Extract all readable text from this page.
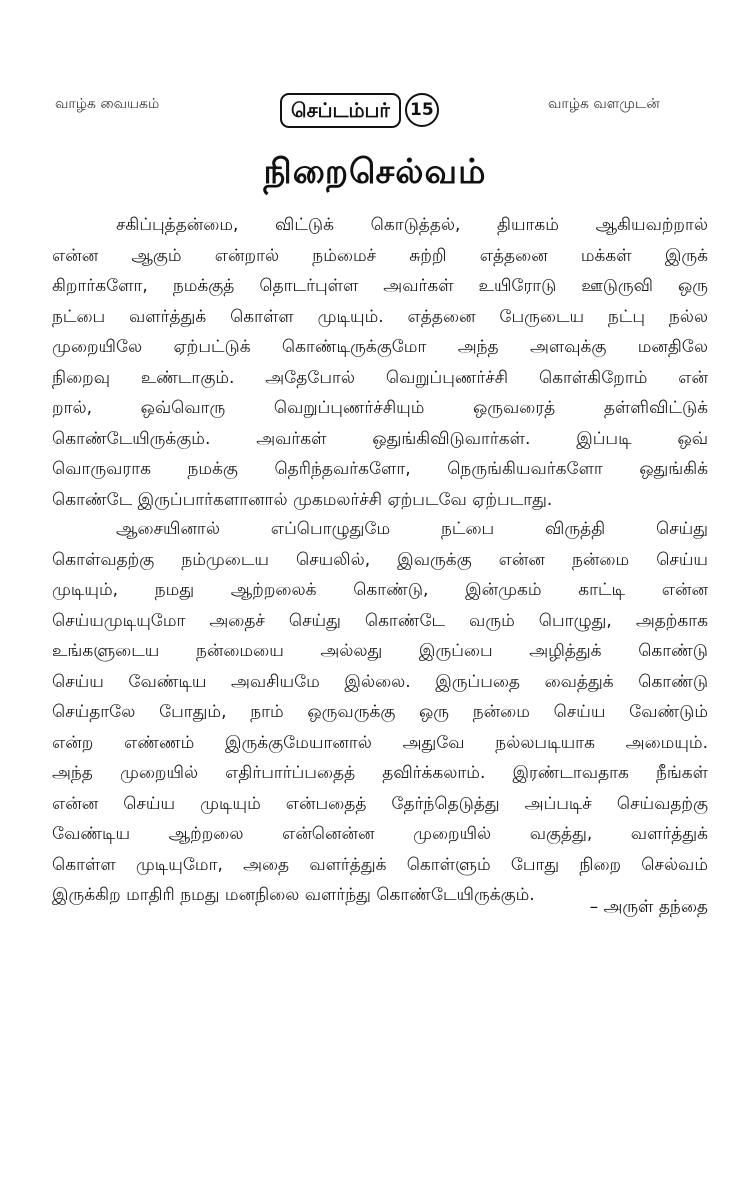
வாழ்க வையகம்	செப்டம்பர்	15	வாழ்க வளமுடன்
நிறைசெல்வம்
சகிப்புத்தன்மை, விட்டுக் கொடுத்தல், தியாகம் ஆகியவற்றால்
என்ன ஆகும் என்றால் நம்மைச் சுற்றி எத்தனை மக்கள் இருக்
கிறார்களோ, நமக்குத் தொடர்புள்ள அவர்கள் உயிரோடு ஊடுருவி ஒரு
நட்பை வளர்த்துக் கொள்ள முடியும். எத்தனை பேருடைய நட்பு நல்ல
முறையிலே ஏற்பட்டுக் கொண்டிருக்குமோ அந்த அளவுக்கு மனதிலே
நிறைவு உண்டாகும். அதேபோல் வெறுப்புணர்ச்சி கொள்கிறோம் என்
றால், ஒவ்வொரு வெறுப்புணர்ச்சியும் ஒருவரைத் தள்ளிவிட்டுக்
கொண்டேயிருக்கும். அவர்கள் ஒதுங்கிவிடுவார்கள். இப்படி ஒவ்
வொருவராக நமக்கு தெரிந்தவர்களோ, நெருங்கியவர்களோ ஒதுங்கிக்
கொண்டே இருப்பார்களானால் முகமலர்ச்சி ஏற்படவே ஏற்படாது.
ஆசையினால் எப்பொழுதுமே நட்பை விருத்தி செய்து
கொள்வதற்கு நம்முடைய செயலில், இவருக்கு என்ன நன்மை செய்ய
முடியும், நமது ஆற்றலைக் கொண்டு, இன்முகம் காட்டி என்ன
செய்யமுடியுமோ அதைச் செய்து கொண்டே வரும் பொழுது, அதற்காக
உங்களுடைய நன்மையை அல்லது இருப்பை அழித்துக் கொண்டு
செய்ய வேண்டிய அவசியமே இல்லை. இருப்பதை வைத்துக் கொண்டு
செய்தாலே போதும், நாம் ஒருவருக்கு ஒரு நன்மை செய்ய வேண்டும்
என்ற எண்ணம் இருக்குமேயானால் அதுவே நல்லபடியாக அமையும்.
அந்த முறையில் எதிர்பார்ப்பதைத் தவிர்க்கலாம். இரண்டாவதாக நீங்கள்
என்ன செய்ய முடியும் என்பதைத் தேர்ந்தெடுத்து அப்படிச் செய்வதற்கு
வேண்டிய ஆற்றலை என்னென்ன முறையில் வகுத்து, வளர்த்துக்
கொள்ள முடியுமோ, அதை வளர்த்துக் கொள்ளும் போது நிறை செல்வம்
இருக்கிற மாதிரி நமது மனநிலை வளர்ந்து கொண்டேயிருக்கும்.
– அருள் தந்தை
